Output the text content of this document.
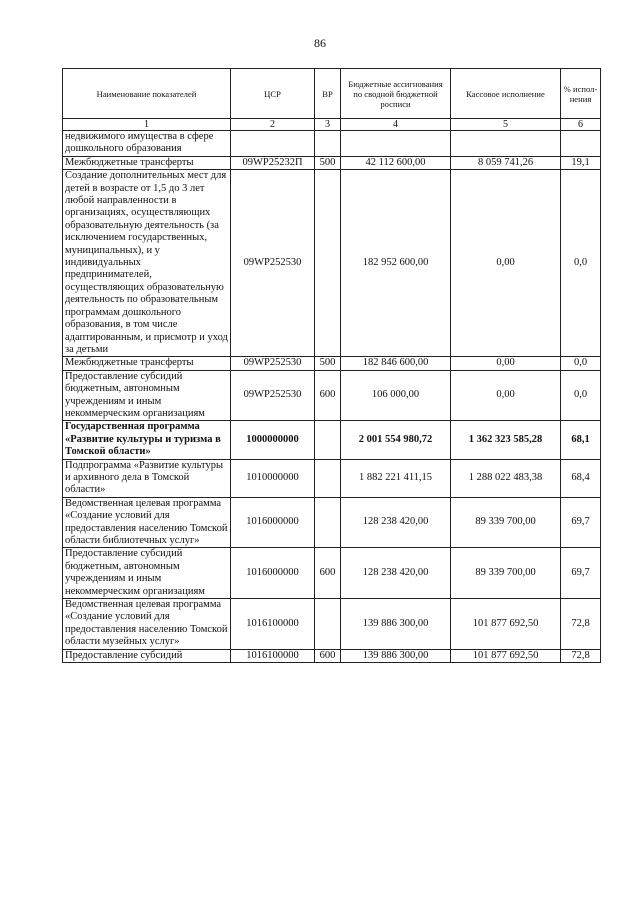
86
Наименование показателей	ЦСР	ВР	Бюджетные ассигнования по сводной бюджетной росписи	Кассовое исполнение	% испол-нения
1	2	3	4	5	6
недвижимого имущества в сфере дошкольного образования					
Межбюджетные трансферты	09WP25232П	500	42 112 600,00	8 059 741,26	19,1
Создание дополнительных мест для детей в возрасте от 1,5 до 3 лет любой направленности в организациях, осуществляющих образовательную деятельность (за исключением государственных, муниципальных), и у индивидуальных предпринимателей, осуществляющих образовательную деятельность по образовательным программам дошкольного образования, в том числе адаптированным, и присмотр и уход за детьми	09WP252530		182 952 600,00	0,00	0,0
Межбюджетные трансферты	09WP252530	500	182 846 600,00	0,00	0,0
Предоставление субсидий бюджетным, автономным учреждениям и иным некоммерческим организациям	09WP252530	600	106 000,00	0,00	0,0
Государственная программа «Развитие культуры и туризма в Томской области»	1000000000		2 001 554 980,72	1 362 323 585,28	68,1
Подпрограмма «Развитие культуры и архивного дела в Томской области»	1010000000		1 882 221 411,15	1 288 022 483,38	68,4
Ведомственная целевая программа «Создание условий для предоставления населению Томской области библиотечных услуг»	1016000000		128 238 420,00	89 339 700,00	69,7
Предоставление субсидий бюджетным, автономным учреждениям и иным некоммерческим организациям	1016000000	600	128 238 420,00	89 339 700,00	69,7
Ведомственная целевая программа «Создание условий для предоставления населению Томской области музейных услуг»	1016100000		139 886 300,00	101 877 692,50	72,8
Предоставление субсидий	1016100000	600	139 886 300,00	101 877 692,50	72,8
